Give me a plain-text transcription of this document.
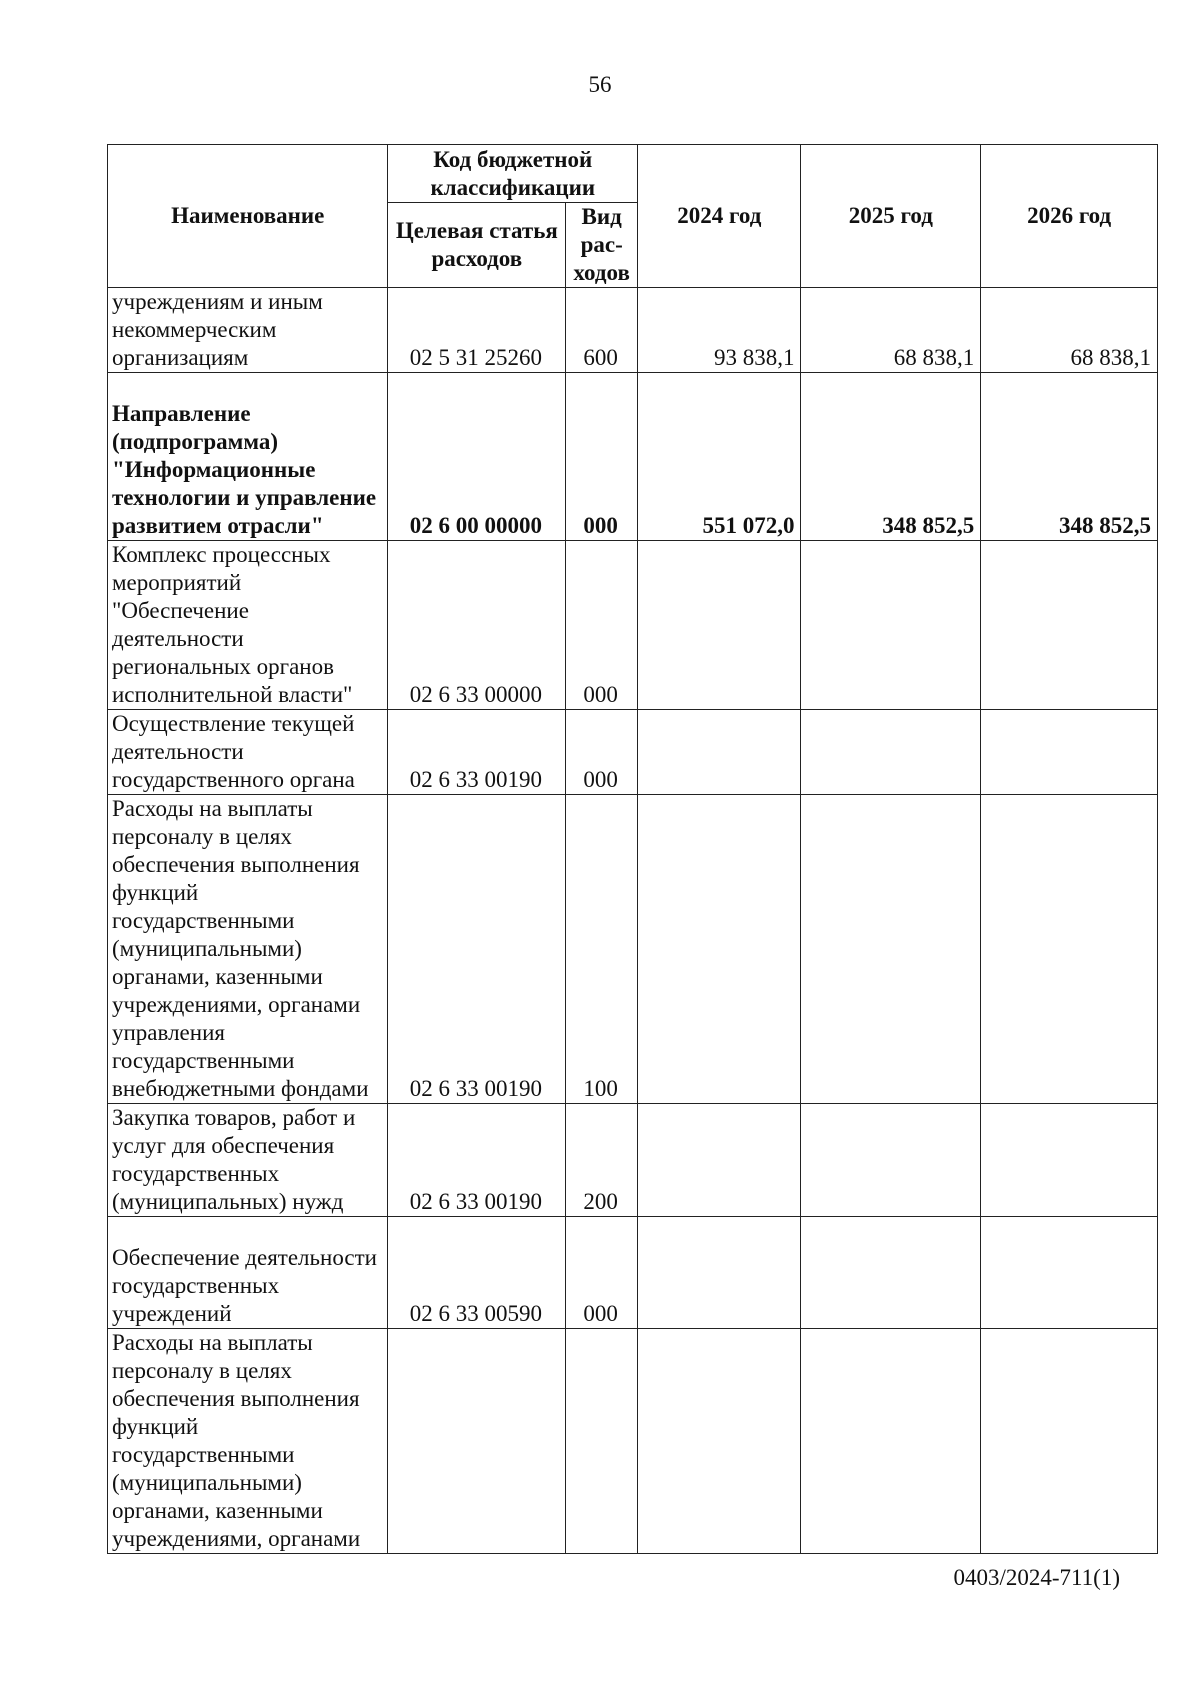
56
Наименование	Код бюджетной классификации		2024 год	2025 год	2026 год
	Целевая статья расходов	Вид рас-ходов			
учреждениям и иным некоммерческим организациям	02 5 31 25260	600	93 838,1	68 838,1	68 838,1
Направление (подпрограмма) "Информационные технологии и управление развитием отрасли"	02 6 00 00000	000	551 072,0	348 852,5	348 852,5
Комплекс процессных мероприятий "Обеспечение деятельности региональных органов исполнительной власти"	02 6 33 00000	000			
Осуществление текущей деятельности государственного органа	02 6 33 00190	000			
Расходы на выплаты персоналу в целях обеспечения выполнения функций государственными (муниципальными) органами, казенными учреждениями, органами управления государственными внебюджетными фондами	02 6 33 00190	100			
Закупка товаров, работ и услуг для обеспечения государственных (муниципальных) нужд	02 6 33 00190	200			
Обеспечение деятельности государственных учреждений	02 6 33 00590	000			
Расходы на выплаты персоналу в целях обеспечения выполнения функций государственными (муниципальными) органами, казенными учреждениями, органами					
0403/2024-711(1)
